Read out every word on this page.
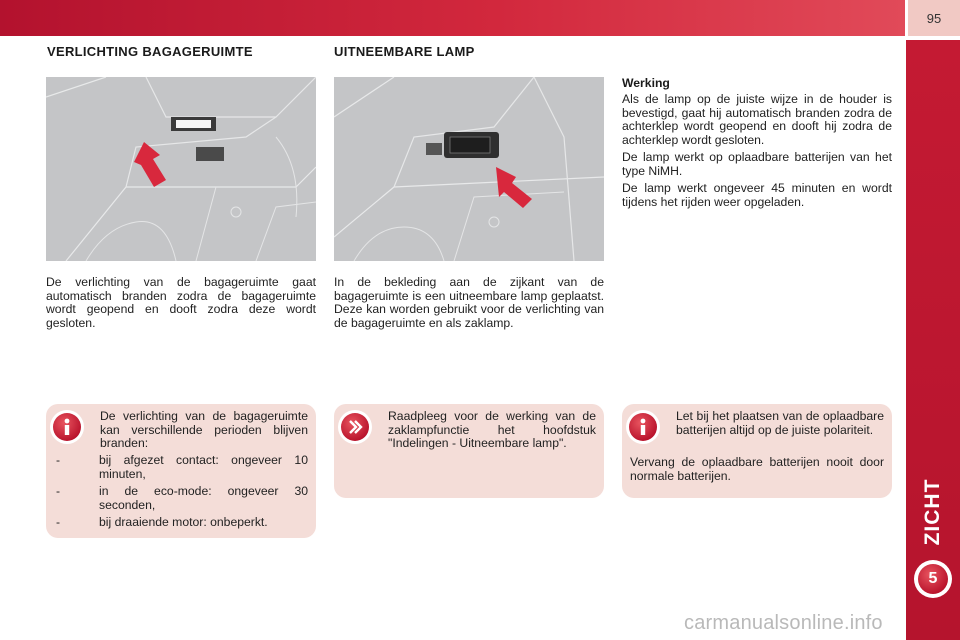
95
ZICHT
5
VERLICHTING BAGAGERUIMTE	UITNEEMBARE LAMP
De verlichting van de bagageruimte gaat automatisch branden zodra de bagageruimte wordt geopend en dooft zodra deze wordt gesloten.
In de bekleding aan de zijkant van de bagageruimte is een uitneembare lamp geplaatst. Deze kan worden gebruikt voor de verlichting van de bagageruimte en als zaklamp.
Werking

Als de lamp op de juiste wijze in de houder is bevestigd, gaat hij automatisch branden zodra de achterklep wordt geopend en dooft hij zodra de achterklep wordt gesloten.

De lamp werkt op oplaadbare batterijen van het type NiMH.

De lamp werkt ongeveer 45 minuten en wordt tijdens het rijden weer opgeladen.

De verlichting van de bagageruimte kan verschillende perioden blijven branden:
-	bij afgezet contact: ongeveer 10 minuten,
-	in de eco-mode: ongeveer 30 seconden,
-	bij draaiende motor: onbeperkt.
Raadpleeg voor de werking van de zaklampfunctie het hoofdstuk "Indelingen - Uitneembare lamp".
Let bij het plaatsen van de oplaadbare batterijen altijd op de juiste polariteit.
Vervang de oplaadbare batterijen nooit door normale batterijen.
carmanualsonline.info
